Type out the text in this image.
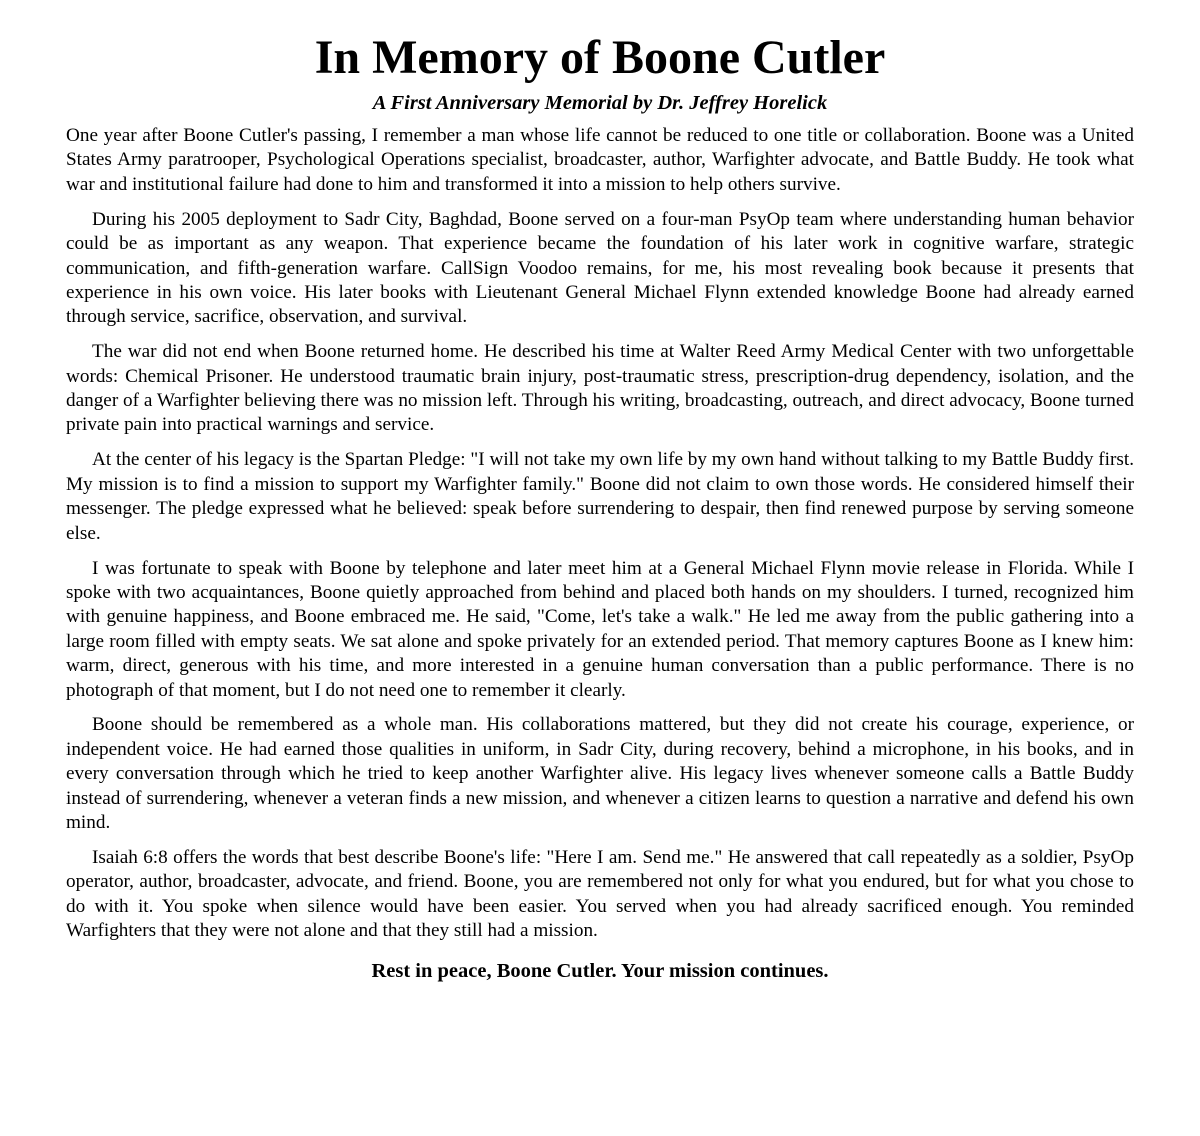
In Memory of Boone Cutler
A First Anniversary Memorial by Dr. Jeffrey Horelick

One year after Boone Cutler's passing, I remember a man whose life cannot be reduced to one title or collaboration. Boone was a United States Army paratrooper, Psychological Operations specialist, broadcaster, author, Warfighter advocate, and Battle Buddy. He took what war and institutional failure had done to him and transformed it into a mission to help others survive.

During his 2005 deployment to Sadr City, Baghdad, Boone served on a four-man PsyOp team where understanding human behavior could be as important as any weapon. That experience became the foundation of his later work in cognitive warfare, strategic communication, and fifth-generation warfare. CallSign Voodoo remains, for me, his most revealing book because it presents that experience in his own voice. His later books with Lieutenant General Michael Flynn extended knowledge Boone had already earned through service, sacrifice, observation, and survival.

The war did not end when Boone returned home. He described his time at Walter Reed Army Medical Center with two unforgettable words: Chemical Prisoner. He understood traumatic brain injury, post-traumatic stress, prescription-drug dependency, isolation, and the danger of a Warfighter believing there was no mission left. Through his writing, broadcasting, outreach, and direct advocacy, Boone turned private pain into practical warnings and service.

At the center of his legacy is the Spartan Pledge: "I will not take my own life by my own hand without talking to my Battle Buddy first. My mission is to find a mission to support my Warfighter family." Boone did not claim to own those words. He considered himself their messenger. The pledge expressed what he believed: speak before surrendering to despair, then find renewed purpose by serving someone else.

I was fortunate to speak with Boone by telephone and later meet him at a General Michael Flynn movie release in Florida. While I spoke with two acquaintances, Boone quietly approached from behind and placed both hands on my shoulders. I turned, recognized him with genuine happiness, and Boone embraced me. He said, "Come, let's take a walk." He led me away from the public gathering into a large room filled with empty seats. We sat alone and spoke privately for an extended period. That memory captures Boone as I knew him: warm, direct, generous with his time, and more interested in a genuine human conversation than a public performance. There is no photograph of that moment, but I do not need one to remember it clearly.

Boone should be remembered as a whole man. His collaborations mattered, but they did not create his courage, experience, or independent voice. He had earned those qualities in uniform, in Sadr City, during recovery, behind a microphone, in his books, and in every conversation through which he tried to keep another Warfighter alive. His legacy lives whenever someone calls a Battle Buddy instead of surrendering, whenever a veteran finds a new mission, and whenever a citizen learns to question a narrative and defend his own mind.

Isaiah 6:8 offers the words that best describe Boone's life: "Here I am. Send me." He answered that call repeatedly as a soldier, PsyOp operator, author, broadcaster, advocate, and friend. Boone, you are remembered not only for what you endured, but for what you chose to do with it. You spoke when silence would have been easier. You served when you had already sacrificed enough. You reminded Warfighters that they were not alone and that they still had a mission.

Rest in peace, Boone Cutler. Your mission continues.
